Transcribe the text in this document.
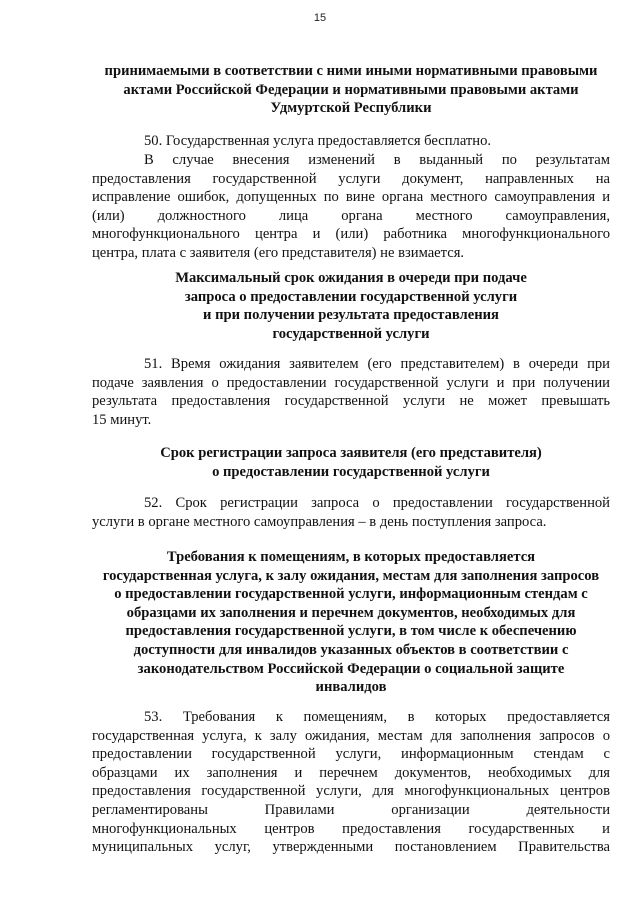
15
принимаемыми в соответствии с ними иными нормативными правовыми
актами Российской Федерации и нормативными правовыми актами
Удмуртской Республики
50. Государственная услуга предоставляется бесплатно.
В случае внесения изменений в выданный по результатам
предоставления государственной услуги документ, направленных на
исправление ошибок, допущенных по вине органа местного самоуправления и
(или) должностного лица органа местного самоуправления,
многофункционального центра и (или) работника многофункционального
центра, плата с заявителя (его представителя) не взимается.
Максимальный срок ожидания в очереди при подаче
запроса о предоставлении государственной услуги
и при получении результата предоставления
государственной услуги
51. Время ожидания заявителем (его представителем) в очереди при
подаче заявления о предоставлении государственной услуги и при получении
результата предоставления государственной услуги не может превышать
15 минут.
Срок регистрации запроса заявителя (его представителя)
о предоставлении государственной услуги
52. Срок регистрации запроса о предоставлении государственной
услуги в органе местного самоуправления – в день поступления запроса.
Требования к помещениям, в которых предоставляется
государственная услуга, к залу ожидания, местам для заполнения запросов
о предоставлении государственной услуги, информационным стендам с
образцами их заполнения и перечнем документов, необходимых для
предоставления государственной услуги, в том числе к обеспечению
доступности для инвалидов указанных объектов в соответствии с
законодательством Российской Федерации о социальной защите
инвалидов
53. Требования к помещениям, в которых предоставляется
государственная услуга, к залу ожидания, местам для заполнения запросов о
предоставлении государственной услуги, информационным стендам с
образцами их заполнения и перечнем документов, необходимых для
предоставления государственной услуги, для многофункциональных центров
регламентированы Правилами организации деятельности
многофункциональных центров предоставления государственных и
муниципальных услуг, утвержденными постановлением Правительства
